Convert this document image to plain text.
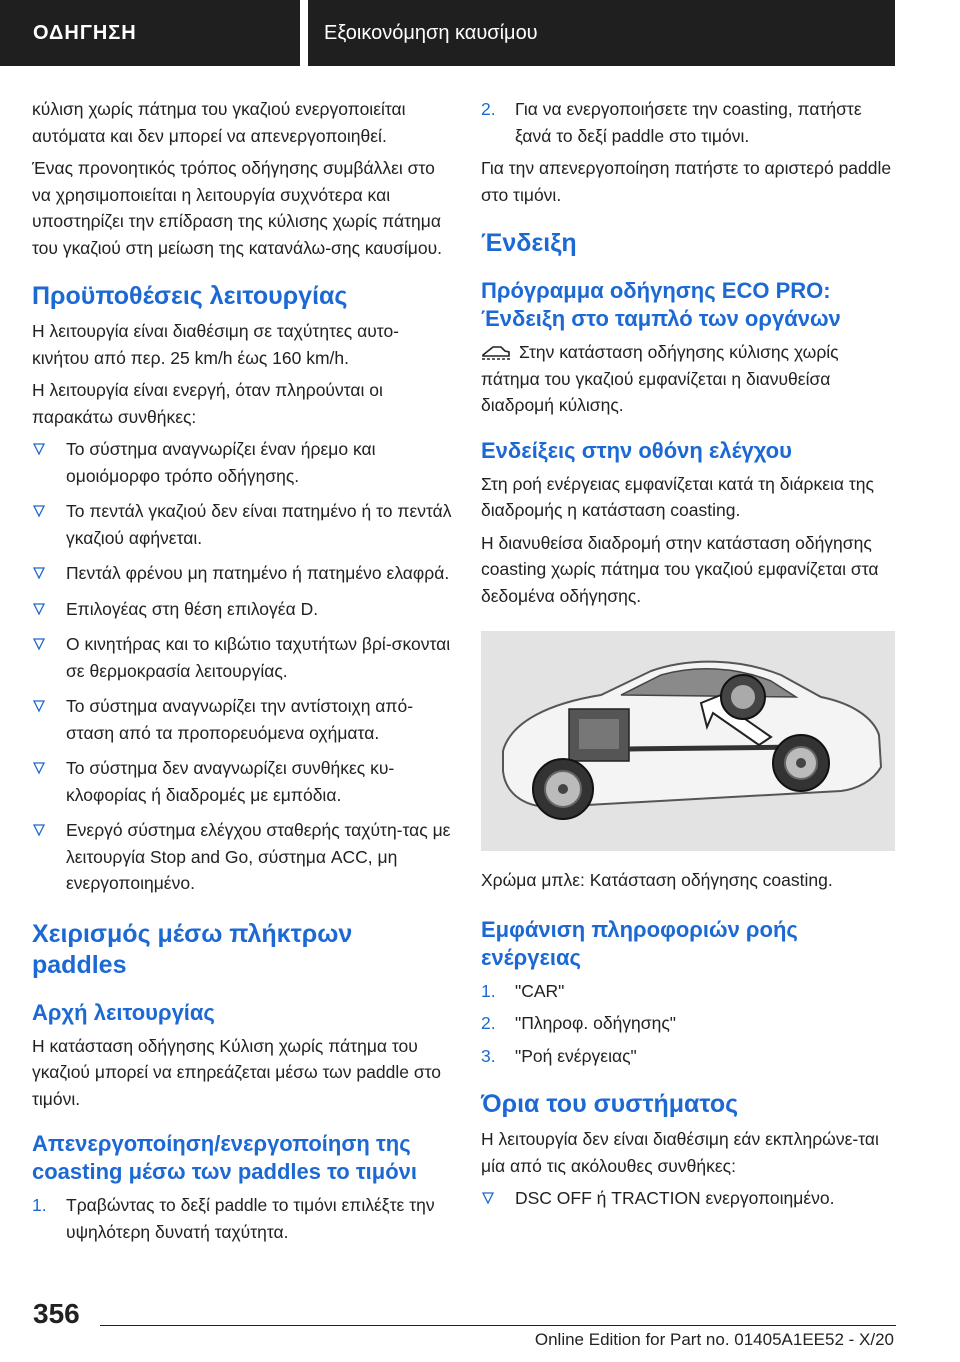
ΟΔΗΓΗΣΗ	Εξοικονόμηση καυσίμου

κύλιση χωρίς πάτημα του γκαζιού ενεργοποιείται αυτόματα και δεν μπορεί να απενεργοποιηθεί.

Ένας προνοητικός τρόπος οδήγησης συμβάλλει στο να χρησιμοποιείται η λειτουργία συχνότερα και υποστηρίζει την επίδραση της κύλισης χωρίς πάτημα του γκαζιού στη μείωση της κατανάλω‐σης καυσίμου.

Προϋποθέσεις λειτουργίας

Η λειτουργία είναι διαθέσιμη σε ταχύτητες αυτο‐κινήτου από περ. 25 km/h έως 160 km/h.

Η λειτουργία είναι ενεργή, όταν πληρούνται οι παρακάτω συνθήκες:

Το σύστημα αναγνωρίζει έναν ήρεμο και ομοιόμορφο τρόπο οδήγησης.
Το πεντάλ γκαζιού δεν είναι πατημένο ή το πεντάλ γκαζιού αφήνεται.
Πεντάλ φρένου μη πατημένο ή πατημένο ελαφρά.
Επιλογέας στη θέση επιλογέα D.
Ο κινητήρας και το κιβώτιο ταχυτήτων βρί‐σκονται σε θερμοκρασία λειτουργίας.
Το σύστημα αναγνωρίζει την αντίστοιχη από‐σταση από τα προπορευόμενα οχήματα.
Το σύστημα δεν αναγνωρίζει συνθήκες κυ‐κλοφορίας ή διαδρομές με εμπόδια.
Ενεργό σύστημα ελέγχου σταθερής ταχύτη‐τας με λειτουργία Stop and Go, σύστημα ACC, μη ενεργοποιημένο.
Χειρισμός μέσω πλήκτρων paddles
Αρχή λειτουργίας

Η κατάσταση οδήγησης Κύλιση χωρίς πάτημα του γκαζιού μπορεί να επηρεάζεται μέσω των paddle στο τιμόνι.

Απενεργοποίηση/ενεργοποίηση της coasting μέσω των paddles το τιμόνι
1. Τραβώντας το δεξί paddle το τιμόνι επιλέξτε την υψηλότερη δυνατή ταχύτητα.
2. Για να ενεργοποιήσετε την coasting, πατήστε ξανά το δεξί paddle στο τιμόνι.

Για την απενεργοποίηση πατήστε το αριστερό paddle στο τιμόνι.

Ένδειξη
Πρόγραμμα οδήγησης ECO PRO: Ένδειξη στο ταμπλό των οργάνων

Στην κατάσταση οδήγησης κύλισης χωρίς πάτημα του γκαζιού εμφανίζεται η διανυθείσα διαδρομή κύλισης.

Ενδείξεις στην οθόνη ελέγχου

Στη ροή ενέργειας εμφανίζεται κατά τη διάρκεια της διαδρομής η κατάσταση coasting.

Η διανυθείσα διαδρομή στην κατάσταση οδήγησης coasting χωρίς πάτημα του γκαζιού εμφανίζεται στα δεδομένα οδήγησης.

Χρώμα μπλε: Κατάσταση οδήγησης coasting.

Εμφάνιση πληροφοριών ροής ενέργειας
1. "CAR"
2. "Πληροφ. οδήγησης"
3. "Ροή ενέργειας"
Όρια του συστήματος

Η λειτουργία δεν είναι διαθέσιμη εάν εκπληρώνε‐ται μία από τις ακόλουθες συνθήκες:

DSC OFF ή TRACTION ενεργοποιημένο.
356
Online Edition for Part no. 01405A1EE52 - X/20
